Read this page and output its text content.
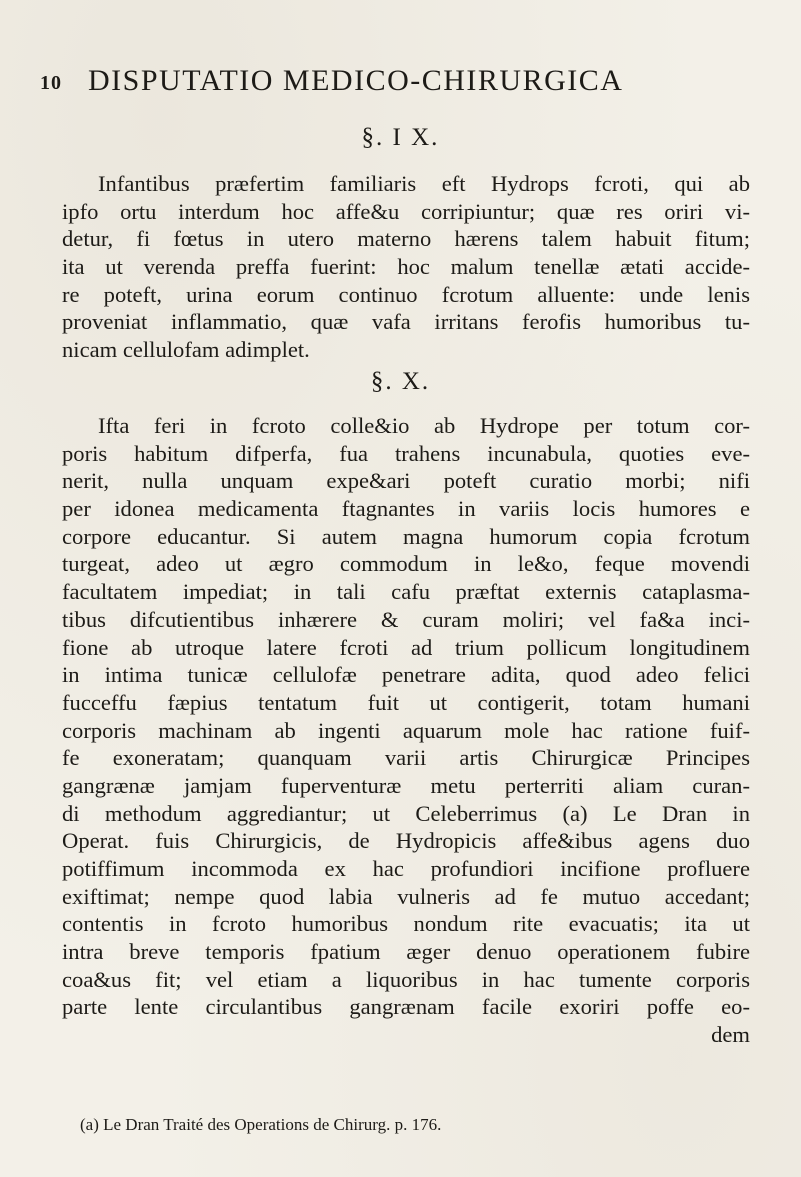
10 DISPUTATIO MEDICO-CHIRURGICA
§. I X.
Infantibus præfertim familiaris eft Hydrops fcroti, qui ab
ipfo ortu interdum hoc affe&u corripiuntur; quæ res oriri vi-
detur, fi fœtus in utero materno hærens talem habuit fitum;
ita ut verenda preffa fuerint: hoc malum tenellæ ætati accide-
re poteft, urina eorum continuo fcrotum alluente: unde lenis
proveniat inflammatio, quæ vafa irritans ferofis humoribus tu-
nicam cellulofam adimplet.
§. X.
Ifta feri in fcroto colle&io ab Hydrope per totum cor-
poris habitum difperfa, fua trahens incunabula, quoties eve-
nerit, nulla unquam expe&ari poteft curatio morbi; nifi
per idonea medicamenta ftagnantes in variis locis humores e
corpore educantur. Si autem magna humorum copia fcrotum
turgeat, adeo ut ægro commodum in le&o, feque movendi
facultatem impediat; in tali cafu præftat externis cataplasma-
tibus difcutientibus inhærere & curam moliri; vel fa&a inci-
fione ab utroque latere fcroti ad trium pollicum longitudinem
in intima tunicæ cellulofæ penetrare adita, quod adeo felici
fucceffu fæpius tentatum fuit ut contigerit, totam humani
corporis machinam ab ingenti aquarum mole hac ratione fuif-
fe exoneratam; quanquam varii artis Chirurgicæ Principes
gangrænæ jamjam fuperventuræ metu perterriti aliam curan-
di methodum aggrediantur; ut Celeberrimus (a) Le Dran in
Operat. fuis Chirurgicis, de Hydropicis affe&ibus agens duo
potiffimum incommoda ex hac profundiori incifione profluere
exiftimat; nempe quod labia vulneris ad fe mutuo accedant;
contentis in fcroto humoribus nondum rite evacuatis; ita ut
intra breve temporis fpatium æger denuo operationem fubire
coa&us fit; vel etiam a liquoribus in hac tumente corporis
parte lente circulantibus gangrænam facile exoriri poffe eo-
dem
(a) Le Dran Traité des Operations de Chirurg. p. 176.
